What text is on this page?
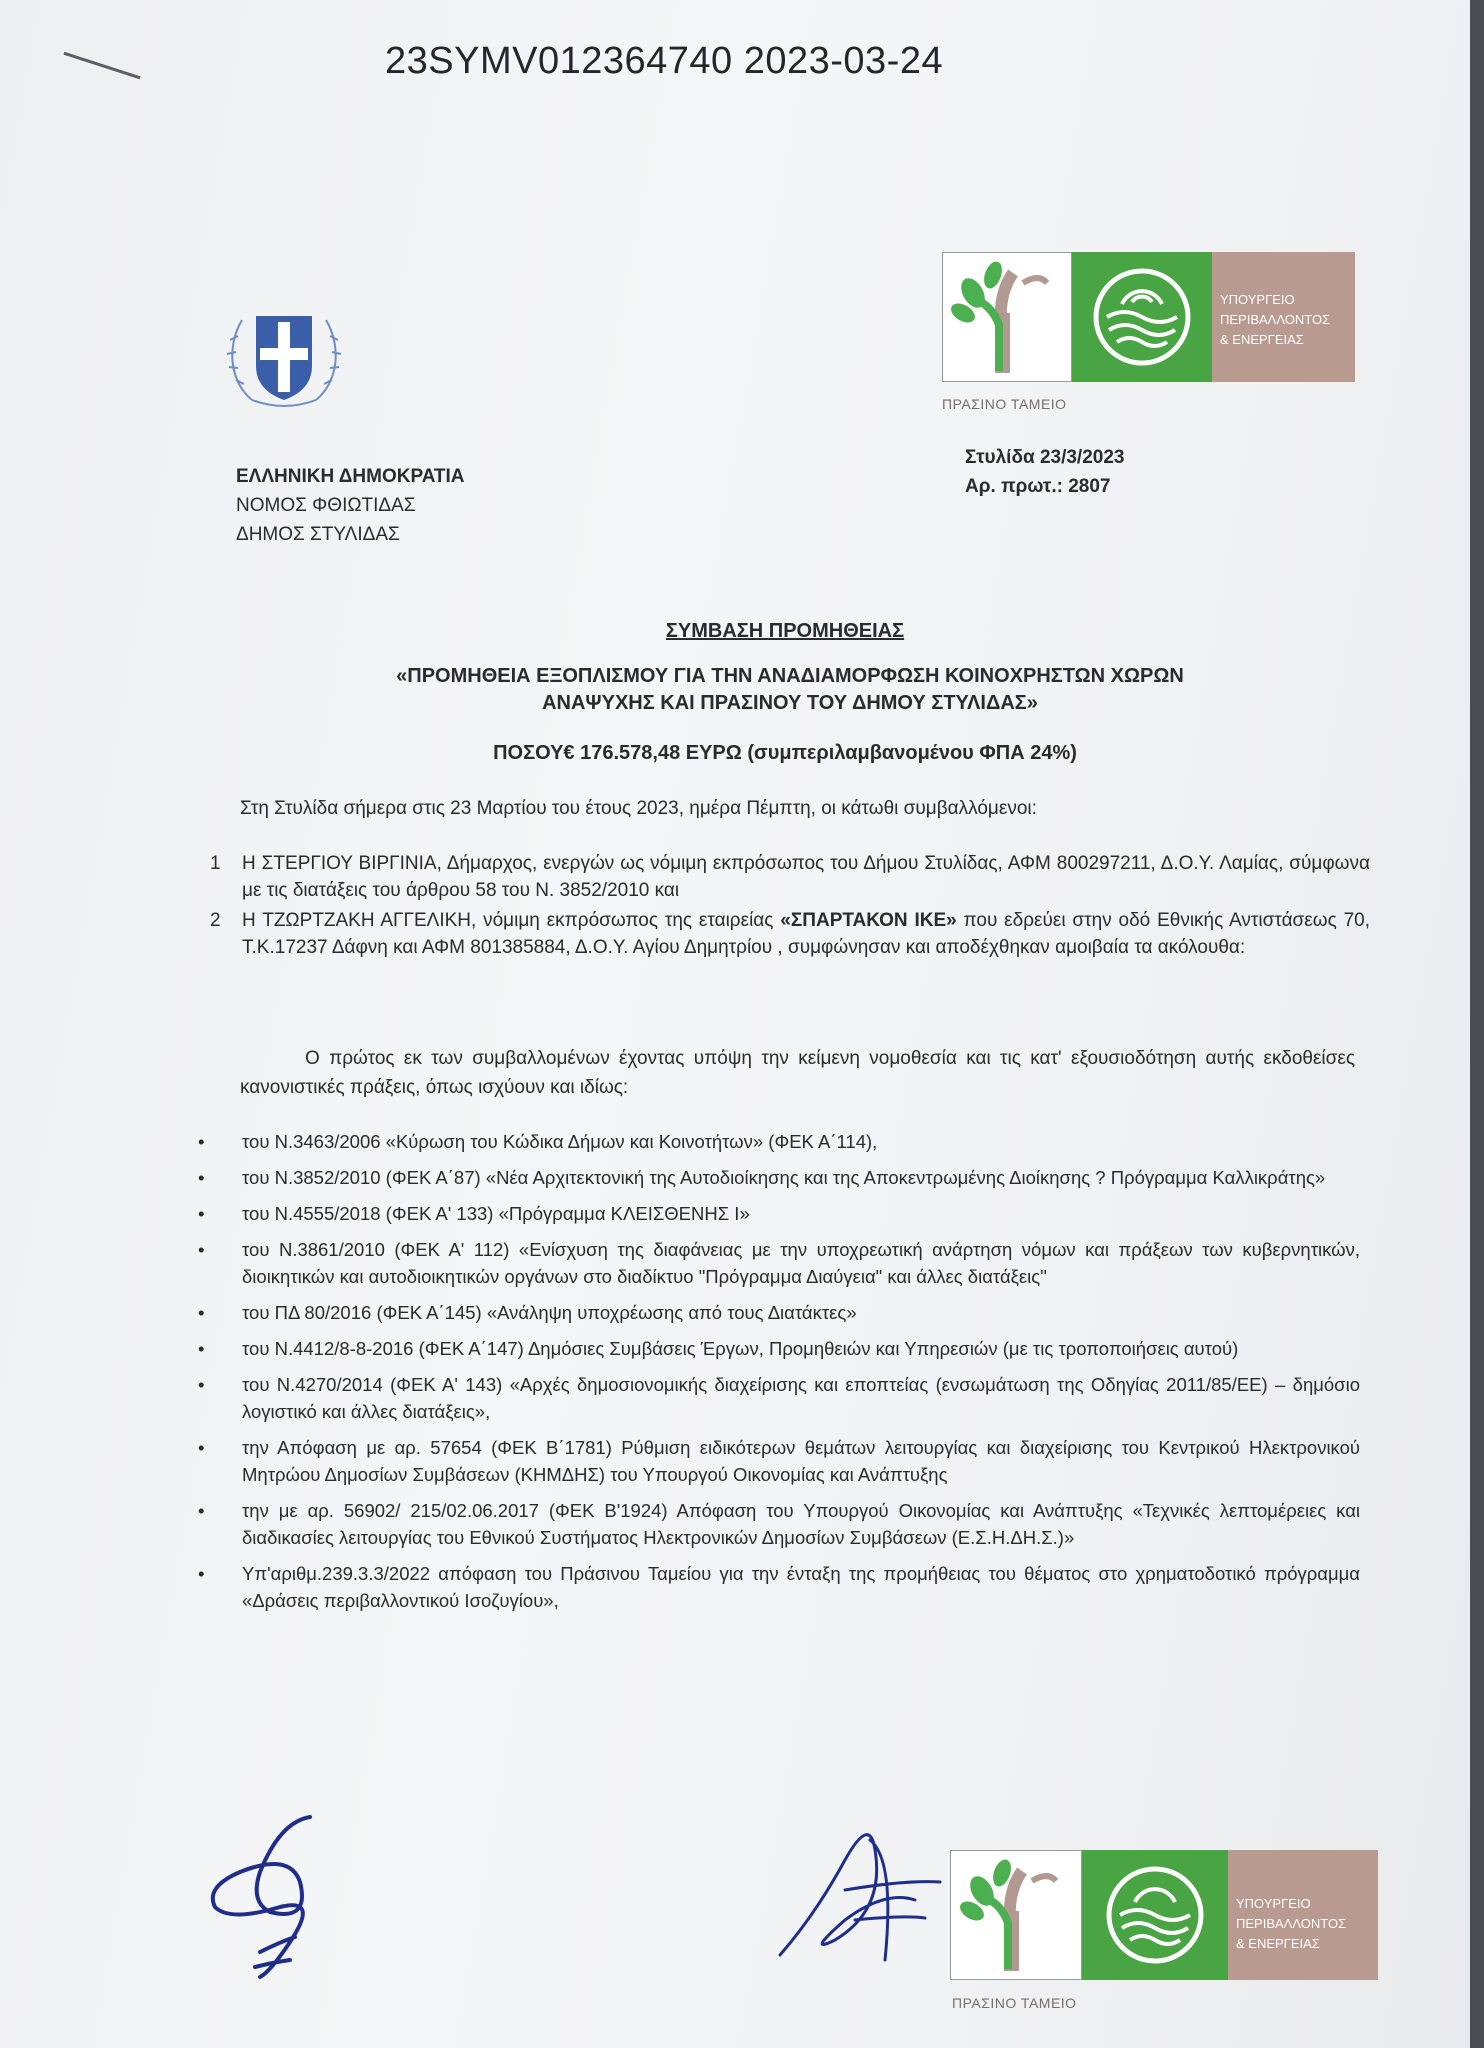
23SYMV012364740 2023-03-24
ΥΠΟΥΡΓΕΙΟ
ΠΕΡΙΒΑΛΛΟΝΤΟΣ
& ΕΝΕΡΓΕΙΑΣ
ΠΡΑΣΙΝΟ ΤΑΜΕΙΟ
ΕΛΛΗΝΙΚΗ ΔΗΜΟΚΡΑΤΙΑ
ΝΟΜΟΣ ΦΘΙΩΤΙΔΑΣ
ΔΗΜΟΣ ΣΤΥΛΙΔΑΣ
Στυλίδα 23/3/2023
Αρ. πρωτ.: 2807
ΣΥΜΒΑΣΗ ΠΡΟΜΗΘΕΙΑΣ
«ΠΡΟΜΗΘΕΙΑ ΕΞΟΠΛΙΣΜΟΥ ΓΙΑ ΤΗΝ ΑΝΑΔΙΑΜΟΡΦΩΣΗ ΚΟΙΝΟΧΡΗΣΤΩΝ ΧΩΡΩΝ
ΑΝΑΨΥΧΗΣ ΚΑΙ ΠΡΑΣΙΝΟΥ ΤΟΥ ΔΗΜΟΥ ΣΤΥΛΙΔΑΣ»
ΠΟΣΟΥ€ 176.578,48 ΕΥΡΩ (συμπεριλαμβανομένου ΦΠΑ 24%)
Στη Στυλίδα σήμερα στις 23 Μαρτίου του έτους 2023, ημέρα Πέμπτη, οι κάτωθι συμβαλλόμενοι:
1 Η ΣΤΕΡΓΙΟΥ ΒΙΡΓΙΝΙΑ, Δήμαρχος, ενεργών ως νόμιμη εκπρόσωπος του Δήμου Στυλίδας, ΑΦΜ 800297211, Δ.Ο.Υ. Λαμίας, σύμφωνα με τις διατάξεις του άρθρου 58 του Ν. 3852/2010 και
2 Η ΤΖΩΡΤΖΑΚΗ ΑΓΓΕΛΙΚΗ, νόμιμη εκπρόσωπος της εταιρείας «ΣΠΑΡΤΑΚΟΝ ΙΚΕ» που εδρεύει στην οδό Εθνικής Αντιστάσεως 70, Τ.Κ.17237 Δάφνη και ΑΦΜ 801385884, Δ.Ο.Υ. Αγίου Δημητρίου , συμφώνησαν και αποδέχθηκαν αμοιβαία τα ακόλουθα:
Ο πρώτος εκ των συμβαλλομένων έχοντας υπόψη την κείμενη νομοθεσία και τις κατ' εξουσιοδότηση αυτής εκδοθείσες κανονιστικές πράξεις, όπως ισχύουν και ιδίως:
• του Ν.3463/2006 «Κύρωση του Κώδικα Δήμων και Κοινοτήτων» (ΦΕΚ Α΄114),
• του Ν.3852/2010 (ΦΕΚ Α΄87) «Νέα Αρχιτεκτονική της Αυτοδιοίκησης και της Αποκεντρωμένης Διοίκησης ? Πρόγραμμα Καλλικράτης»
• του Ν.4555/2018 (ΦΕΚ Α' 133) «Πρόγραμμα ΚΛΕΙΣΘΕΝΗΣ Ι»
• του Ν.3861/2010 (ΦΕΚ Α' 112) «Ενίσχυση της διαφάνειας με την υποχρεωτική ανάρτηση νόμων και πράξεων των κυβερνητικών, διοικητικών και αυτοδιοικητικών οργάνων στο διαδίκτυο "Πρόγραμμα Διαύγεια" και άλλες διατάξεις"
• του ΠΔ 80/2016 (ΦΕΚ Α΄145) «Ανάληψη υποχρέωσης από τους Διατάκτες»
• του Ν.4412/8-8-2016 (ΦΕΚ Α΄147) Δημόσιες Συμβάσεις Έργων, Προμηθειών και Υπηρεσιών (με τις τροποποιήσεις αυτού)
• του Ν.4270/2014 (ΦΕΚ Α' 143) «Αρχές δημοσιονομικής διαχείρισης και εποπτείας (ενσωμάτωση της Οδηγίας 2011/85/ΕΕ) – δημόσιο λογιστικό και άλλες διατάξεις»,
• την Απόφαση με αρ. 57654 (ΦΕΚ Β΄1781) Ρύθμιση ειδικότερων θεμάτων λειτουργίας και διαχείρισης του Κεντρικού Ηλεκτρονικού Μητρώου Δημοσίων Συμβάσεων (ΚΗΜΔΗΣ) του Υπουργού Οικονομίας και Ανάπτυξης
• την με αρ. 56902/ 215/02.06.2017 (ΦΕΚ Β'1924) Απόφαση του Υπουργού Οικονομίας και Ανάπτυξης «Τεχνικές λεπτομέρειες και διαδικασίες λειτουργίας του Εθνικού Συστήματος Ηλεκτρονικών Δημοσίων Συμβάσεων (Ε.Σ.Η.ΔΗ.Σ.)»
• Υπ'αριθμ.239.3.3/2022 απόφαση του Πράσινου Ταμείου για την ένταξη της προμήθειας του θέματος στο χρηματοδοτικό πρόγραμμα «Δράσεις περιβαλλοντικού Ισοζυγίου»,
ΥΠΟΥΡΓΕΙΟ
ΠΕΡΙΒΑΛΛΟΝΤΟΣ
& ΕΝΕΡΓΕΙΑΣ
ΠΡΑΣΙΝΟ ΤΑΜΕΙΟ
